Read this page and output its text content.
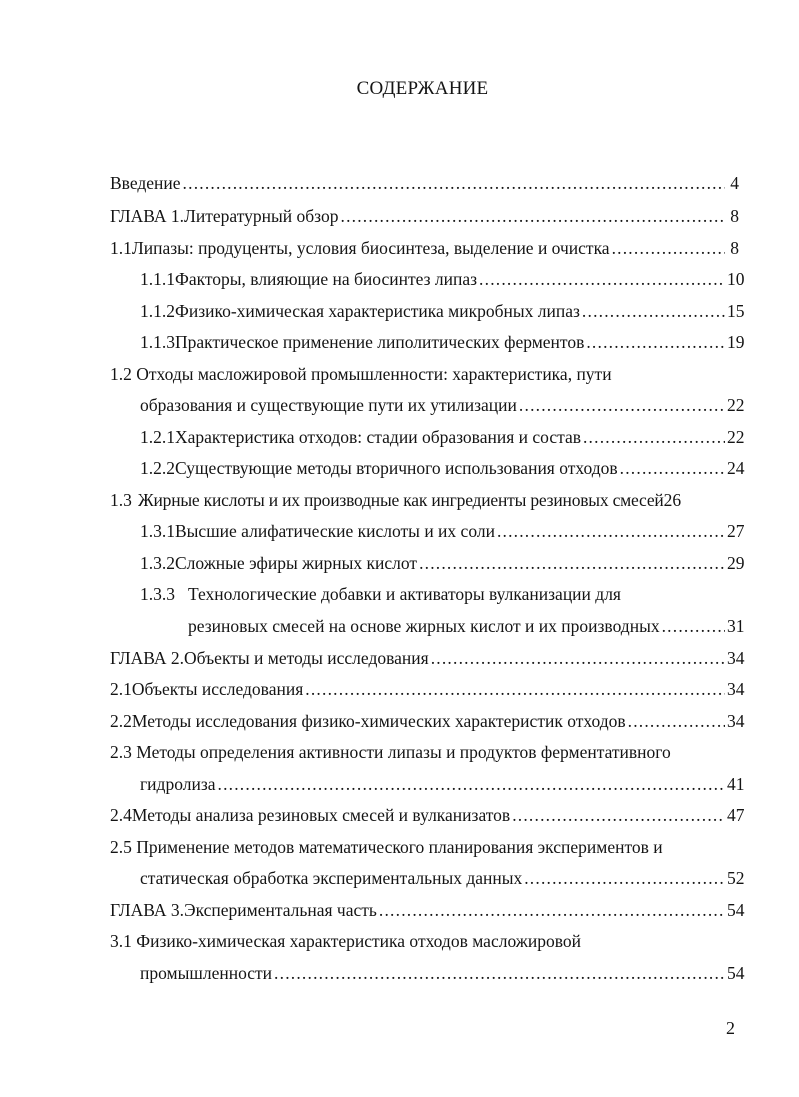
СОДЕРЖАНИЕ
Введение .....	4
ГЛАВА 1. Литературный обзор .....	8
1.1 Липазы: продуценты, условия биосинтеза, выделение и очистка .....	8
1.1.1 Факторы, влияющие на биосинтез липаз .....	10
1.1.2 Физико-химическая характеристика микробных липаз .....	15
1.1.3 Практическое применение липолитических ферментов .....	19
1.2 Отходы масложировой промышленности: характеристика, пути
образования и существующие пути их утилизации .....	22
1.2.1 Характеристика отходов: стадии образования и состав .....	22
1.2.2 Существующие методы вторичного использования отходов .....	24
1.3 Жирные кислоты и их производные как ингредиенты резиновых смесей 26
1.3.1 Высшие алифатические кислоты и их соли .....	27
1.3.2 Сложные эфиры жирных кислот .....	29
1.3.3 Технологические добавки и активаторы вулканизации для
резиновых смесей на основе жирных кислот и их производных .....	31
ГЛАВА 2. Объекты и методы исследования .....	34
2.1 Объекты исследования .....	34
2.2 Методы исследования физико-химических характеристик отходов .....	34
2.3 Методы определения активности липазы и продуктов ферментативного
гидролиза .....	41
2.4 Методы анализа резиновых смесей и вулканизатов .....	47
2.5 Применение методов математического планирования экспериментов и
статическая обработка экспериментальных данных .....	52
ГЛАВА 3. Экспериментальная часть .....	54
3.1 Физико-химическая характеристика отходов масложировой
промышленности .....	54
2
